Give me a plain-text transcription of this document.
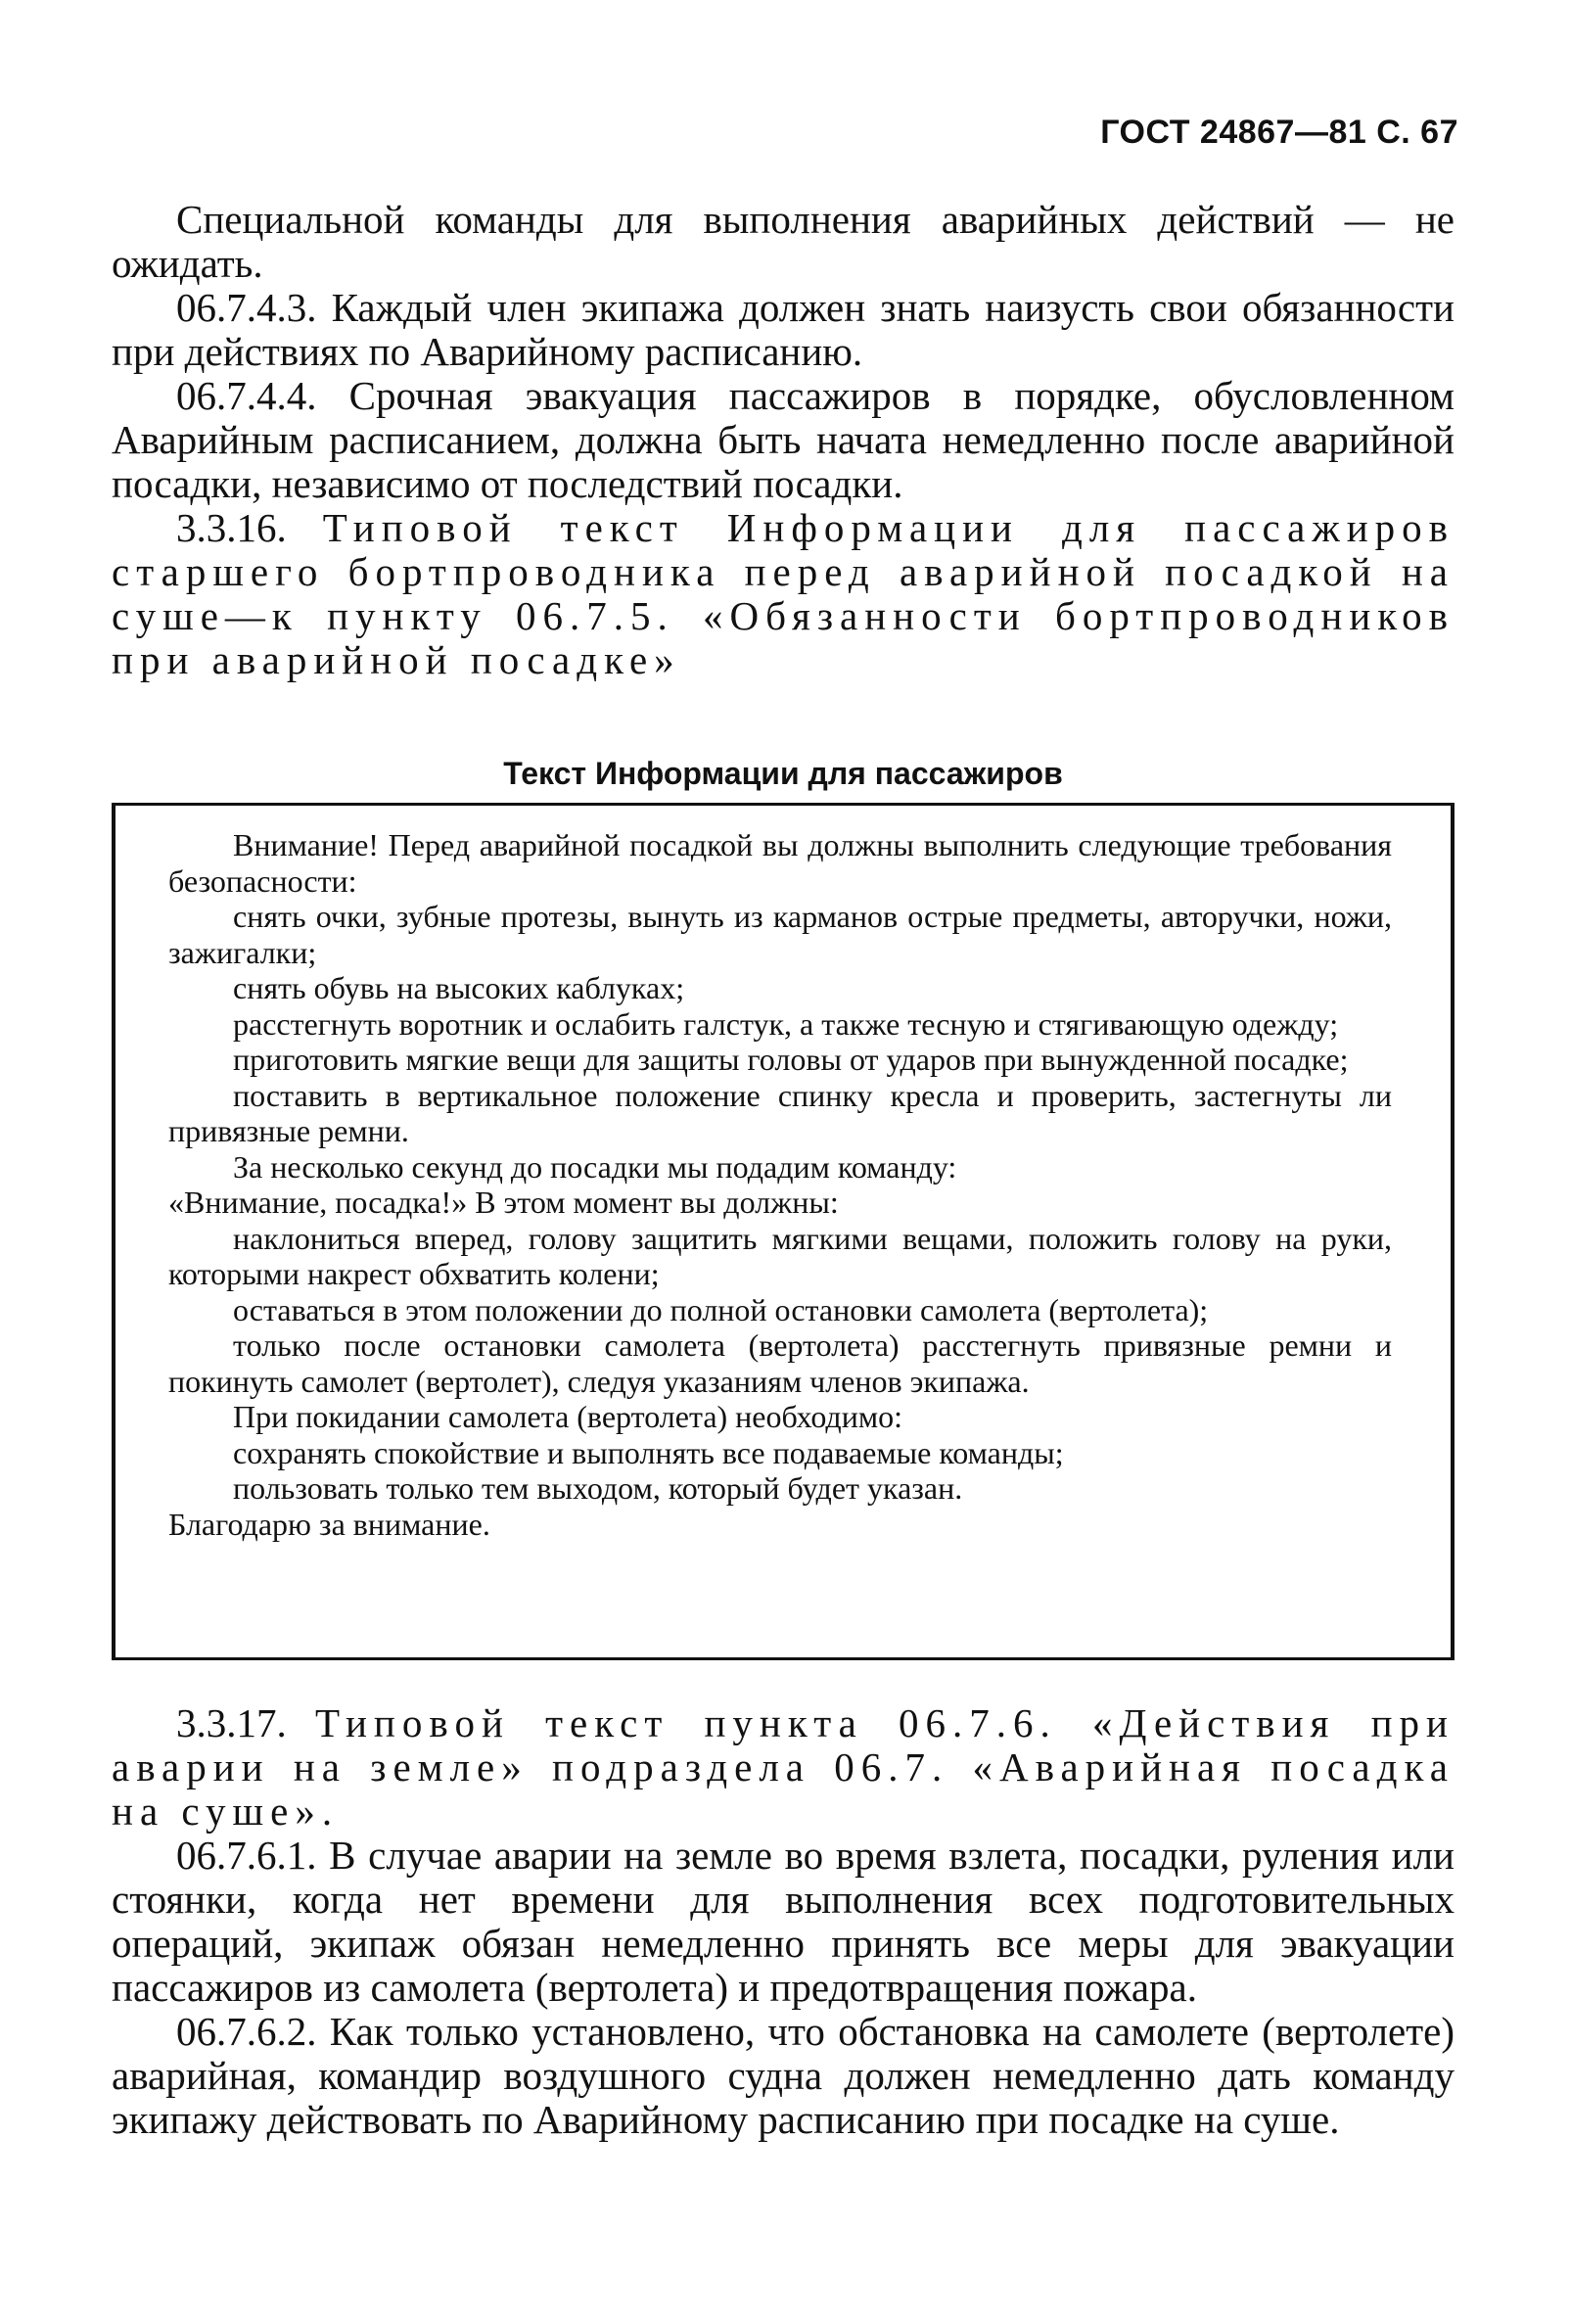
ГОСТ 24867—81 С. 67

Специальной команды для выполнения аварийных действий — не ожидать.

06.7.4.3. Каждый член экипажа должен знать наизусть свои обязанности при действиях по Аварийному расписанию.

06.7.4.4. Срочная эвакуация пассажиров в порядке, обусловленном Аварийным расписанием, должна быть начата немедленно после аварийной посадки, независимо от последствий посадки.

3.3.16. Типовой текст Информации для пассажиров старшего бортпроводника перед аварийной посадкой на суше—к пункту 06.7.5. «Обязанности бортпроводников при аварийной посадке»

Текст Информации для пассажиров

Внимание! Перед аварийной посадкой вы должны выполнить следующие требования безопасности:

снять очки, зубные протезы, вынуть из карманов острые предметы, авторучки, ножи, зажигалки;

снять обувь на высоких каблуках;

расстегнуть воротник и ослабить галстук, а также тесную и стягивающую одежду;

приготовить мягкие вещи для защиты головы от ударов при вынужденной посадке;

поставить в вертикальное положение спинку кресла и проверить, застегнуты ли привязные ремни.

За несколько секунд до посадки мы подадим команду:

«Внимание, посадка!» В этом момент вы должны:

наклониться вперед, голову защитить мягкими вещами, положить голову на руки, которыми накрест обхватить колени;

оставаться в этом положении до полной остановки самолета (вертолета);

только после остановки самолета (вертолета) расстегнуть привязные ремни и покинуть самолет (вертолет), следуя указаниям членов экипажа.

При покидании самолета (вертолета) необходимо:

сохранять спокойствие и выполнять все подаваемые команды;

пользовать только тем выходом, который будет указан.

Благодарю за внимание.

3.3.17. Типовой текст пункта 06.7.6. «Действия при аварии на земле» подраздела 06.7. «Аварийная посадка на суше».

06.7.6.1. В случае аварии на земле во время взлета, посадки, руления или стоянки, когда нет времени для выполнения всех подготовительных операций, экипаж обязан немедленно принять все меры для эвакуации пассажиров из самолета (вертолета) и предотвращения пожара.

06.7.6.2. Как только установлено, что обстановка на самолете (вертолете) аварийная, командир воздушного судна должен немедленно дать команду экипажу действовать по Аварийному расписанию при посадке на суше.
